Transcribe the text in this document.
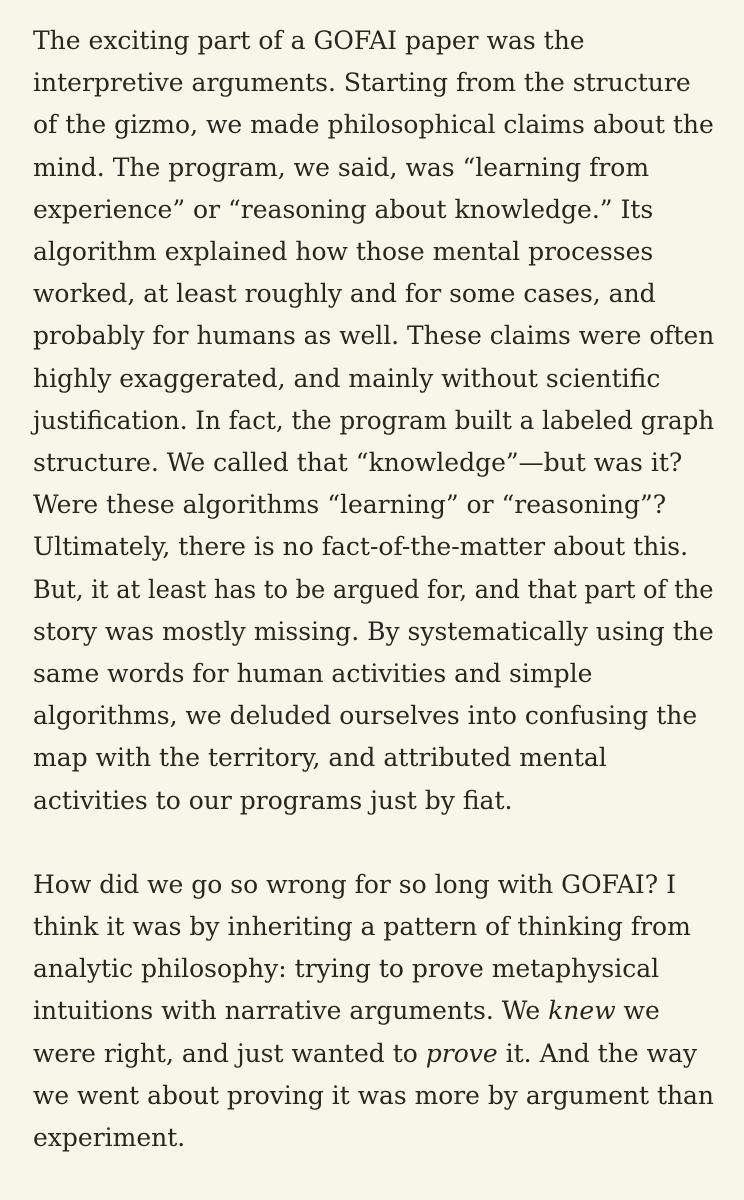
The exciting part of a GOFAI paper was the
interpretive arguments. Starting from the structure
of the gizmo, we made philosophical claims about the
mind. The program, we said, was “learning from
experience” or “reasoning about knowledge.” Its
algorithm explained how those mental processes
worked, at least roughly and for some cases, and
probably for humans as well. These claims were often
highly exaggerated, and mainly without scientific
justification. In fact, the program built a labeled graph
structure. We called that “knowledge”—but was it?
Were these algorithms “learning” or “reasoning”?
Ultimately, there is no fact-of-the-matter about this.
But, it at least has to be argued for, and that part of the
story was mostly missing. By systematically using the
same words for human activities and simple
algorithms, we deluded ourselves into confusing the
map with the territory, and attributed mental
activities to our programs just by fiat.

How did we go so wrong for so long with GOFAI? I
think it was by inheriting a pattern of thinking from
analytic philosophy: trying to prove metaphysical
intuitions with narrative arguments. We knew we
were right, and just wanted to prove it. And the way
we went about proving it was more by argument than
experiment.
